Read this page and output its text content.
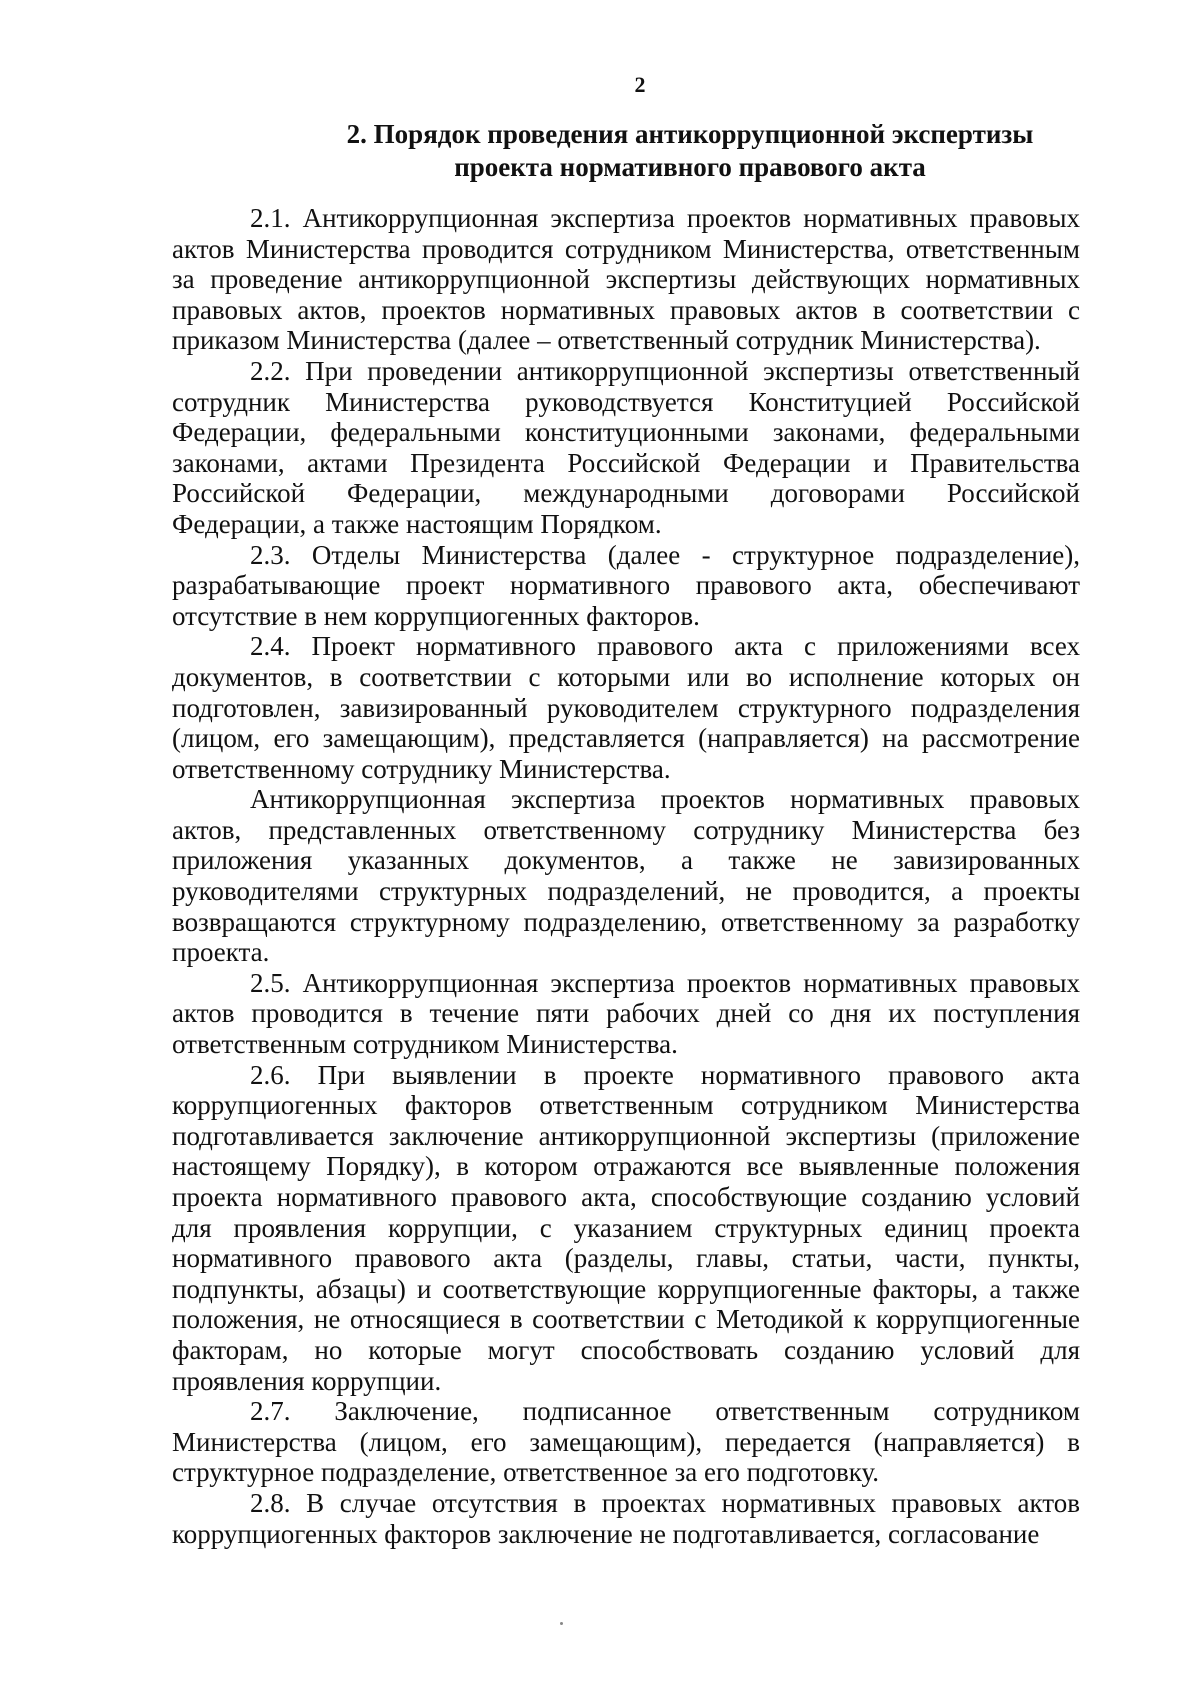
2
2. Порядок проведения антикоррупционной экспертизы
проекта нормативного правового акта

2.1. Антикоррупционная экспертиза проектов нормативных правовых актов Министерства проводится сотрудником Министерства, ответственным за проведение антикоррупционной экспертизы действующих нормативных правовых актов, проектов нормативных правовых актов в соответствии с приказом Министерства (далее – ответственный сотрудник Министерства).

2.2. При проведении антикоррупционной экспертизы ответственный сотрудник Министерства руководствуется Конституцией Российской Федерации, федеральными конституционными законами, федеральными законами, актами Президента Российской Федерации и Правительства Российской Федерации, международными договорами Российской Федерации, а также настоящим Порядком.

2.3. Отделы Министерства (далее - структурное подразделение), разрабатывающие проект нормативного правового акта, обеспечивают отсутствие в нем коррупциогенных факторов.

2.4. Проект нормативного правового акта с приложениями всех документов, в соответствии с которыми или во исполнение которых он подготовлен, завизированный руководителем структурного подразделения (лицом, его замещающим), представляется (направляется) на рассмотрение ответственному сотруднику Министерства.

Антикоррупционная экспертиза проектов нормативных правовых актов, представленных ответственному сотруднику Министерства без приложения указанных документов, а также не завизированных руководителями структурных подразделений, не проводится, а проекты возвращаются структурному подразделению, ответственному за разработку проекта.

2.5. Антикоррупционная экспертиза проектов нормативных правовых актов проводится в течение пяти рабочих дней со дня их поступления ответственным сотрудником Министерства.

2.6. При выявлении в проекте нормативного правового акта коррупциогенных факторов ответственным сотрудником Министерства подготавливается заключение антикоррупционной экспертизы (приложение настоящему Порядку), в котором отражаются все выявленные положения проекта нормативного правового акта, способствующие созданию условий для проявления коррупции, с указанием структурных единиц проекта нормативного правового акта (разделы, главы, статьи, части, пункты, подпункты, абзацы) и соответствующие коррупциогенные факторы, а также положения, не относящиеся в соответствии с Методикой к коррупциогенные факторам, но которые могут способствовать созданию условий для проявления коррупции.

2.7. Заключение, подписанное ответственным сотрудником Министерства (лицом, его замещающим), передается (направляется) в структурное подразделение, ответственное за его подготовку.

2.8. В случае отсутствия в проектах нормативных правовых актов коррупциогенных факторов заключение не подготавливается, согласование
